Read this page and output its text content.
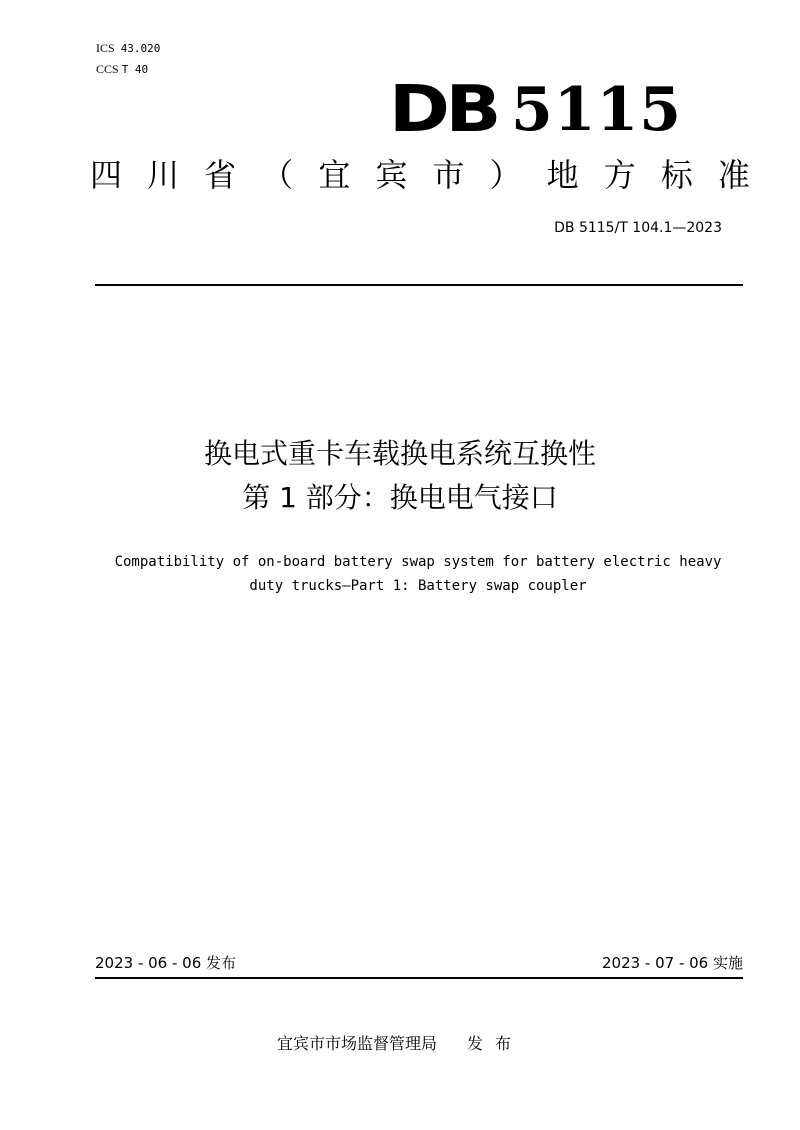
ICS 43.020
CCS T 40
DB 5115
四 川 省 （ 宜 宾 市 ） 地 方 标 准
DB 5115/T 104.1—2023
换电式重卡车载换电系统互换性
第 1 部分：换电电气接口
Compatibility of on-board battery swap system for battery electric heavy
duty trucks—Part 1: Battery swap coupler
2023 - 06 - 06 发布	2023 - 07 - 06 实施
宜宾市市场监督管理局 发布
